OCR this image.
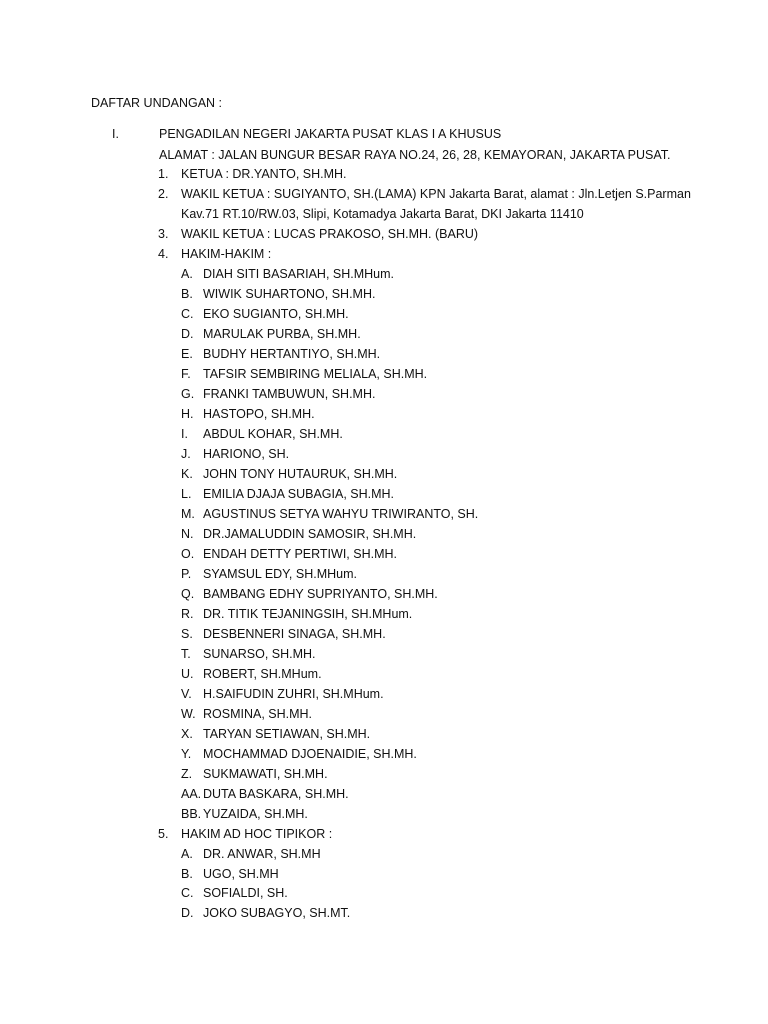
DAFTAR UNDANGAN :
I.	PENGADILAN NEGERI JAKARTA PUSAT KLAS I A KHUSUS
ALAMAT : JALAN BUNGUR BESAR RAYA NO.24, 26, 28, KEMAYORAN, JAKARTA PUSAT.
1. KETUA : DR.YANTO, SH.MH.
2. WAKIL KETUA : SUGIYANTO, SH.(LAMA) KPN Jakarta Barat, alamat : Jln.Letjen S.Parman
Kav.71 RT.10/RW.03, Slipi, Kotamadya Jakarta Barat, DKI Jakarta 11410
3. WAKIL KETUA : LUCAS PRAKOSO, SH.MH. (BARU)
4. HAKIM-HAKIM :
A. DIAH SITI BASARIAH, SH.MHum.
B. WIWIK SUHARTONO, SH.MH.
C. EKO SUGIANTO, SH.MH.
D. MARULAK PURBA, SH.MH.
E. BUDHY HERTANTIYO, SH.MH.
F. TAFSIR SEMBIRING MELIALA, SH.MH.
G. FRANKI TAMBUWUN, SH.MH.
H. HASTOPO, SH.MH.
I. ABDUL KOHAR, SH.MH.
J. HARIONO, SH.
K. JOHN TONY HUTAURUK, SH.MH.
L. EMILIA DJAJA SUBAGIA, SH.MH.
M. AGUSTINUS SETYA WAHYU TRIWIRANTO, SH.
N. DR.JAMALUDDIN SAMOSIR, SH.MH.
O. ENDAH DETTY PERTIWI, SH.MH.
P. SYAMSUL EDY, SH.MHum.
Q. BAMBANG EDHY SUPRIYANTO, SH.MH.
R. DR. TITIK TEJANINGSIH, SH.MHum.
S. DESBENNERI SINAGA, SH.MH.
T. SUNARSO, SH.MH.
U. ROBERT, SH.MHum.
V. H.SAIFUDIN ZUHRI, SH.MHum.
W. ROSMINA, SH.MH.
X. TARYAN SETIAWAN, SH.MH.
Y. MOCHAMMAD DJOENAIDIE, SH.MH.
Z. SUKMAWATI, SH.MH.
AA. DUTA BASKARA, SH.MH.
BB. YUZAIDA, SH.MH.
5. HAKIM AD HOC TIPIKOR :
A. DR. ANWAR, SH.MH
B. UGO, SH.MH
C. SOFIALDI, SH.
D. JOKO SUBAGYO, SH.MT.
